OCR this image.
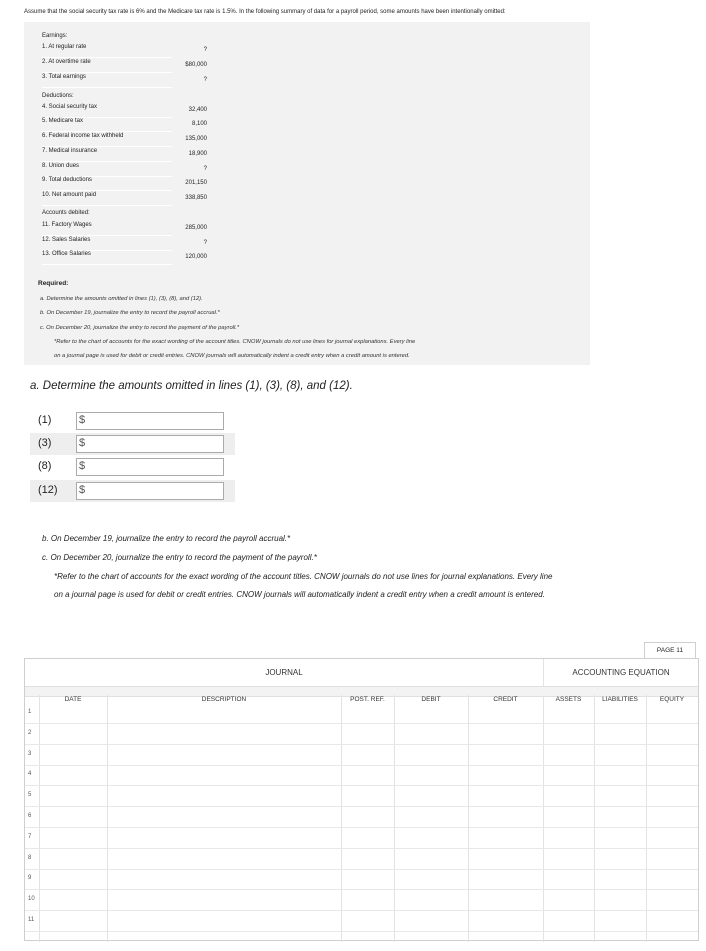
Assume that the social security tax rate is 6% and the Medicare tax rate is 1.5%. In the following summary of data for a payroll period, some amounts have been intentionally omitted:
Earnings:
1. At regular rate	?
2. At overtime rate	$80,000
3. Total earnings	?
Deductions:
4. Social security tax	32,400
5. Medicare tax	8,100
6. Federal income tax withheld	135,000
7. Medical insurance	18,900
8. Union dues	?
9. Total deductions	201,150
10. Net amount paid	338,850
Accounts debited:
11. Factory Wages	285,000
12. Sales Salaries	?
13. Office Salaries	120,000
Required:
a. Determine the amounts omitted in lines (1), (3), (8), and (12).
b. On December 19, journalize the entry to record the payroll accrual.*
c. On December 20, journalize the entry to record the payment of the payroll.*
*Refer to the chart of accounts for the exact wording of the account titles. CNOW journals do not use lines for journal explanations. Every line
on a journal page is used for debit or credit entries. CNOW journals will automatically indent a credit entry when a credit amount is entered.
a. Determine the amounts omitted in lines (1), (3), (8), and (12).
(1)	$
(3)	$
(8)	$
(12) $
b. On December 19, journalize the entry to record the payroll accrual.*
c. On December 20, journalize the entry to record the payment of the payroll.*
*Refer to the chart of accounts for the exact wording of the account titles. CNOW journals do not use lines for journal explanations. Every line
on a journal page is used for debit or credit entries. CNOW journals will automatically indent a credit entry when a credit amount is entered.
PAGE 11
JOURNAL	ACCOUNTING EQUATION
DATE	DESCRIPTION	POST. REF.	DEBIT	CREDIT	ASSETS	LIABILITIES	EQUITY
1
2
3
4
5
6
7
8
9
10
11
